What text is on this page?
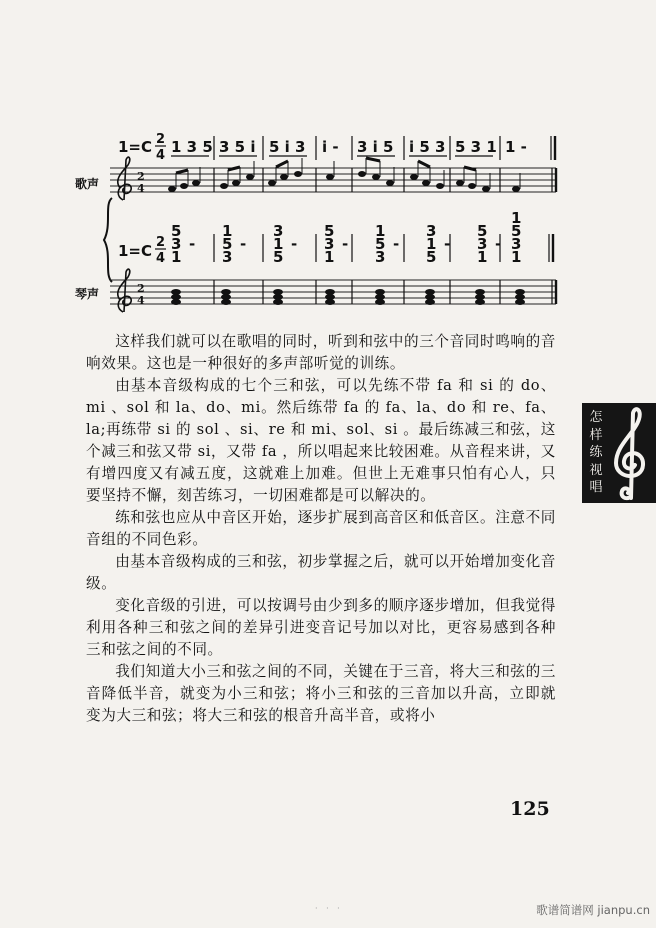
1=C 2
4 1 3 5 3 5 i 5 i 3 i - 3 i 5 i 5 3 5 3 1 1 -
歌声
2
4
1=C 2
4
5
3
1
-
1
5
3
-
3
1
5
-
5
3
1
-
1
5
3
-
3
1
5
-
5
3
1
-
1
5
3
1
琴声	2
4

这样我们就可以在歌唱的同时，听到和弦中的三个音同时鸣响的音响效果。这也是一种很好的多声部听觉的训练。

由基本音级构成的七个三和弦，可以先练不带 fa 和 si 的 do、mi 、sol 和 la、do、mi。然后练带 fa 的 fa、la、do 和 re、fa、la;再练带 si 的 sol 、si、re 和 mi、sol、si 。最后练减三和弦，这个减三和弦又带 si，又带 fa ，所以唱起来比较困难。从音程来讲，又有增四度又有减五度，这就难上加难。但世上无难事只怕有心人，只要坚持不懈，刻苦练习，一切困难都是可以解决的。

练和弦也应从中音区开始，逐步扩展到高音区和低音区。注意不同音组的不同色彩。

由基本音级构成的三和弦，初步掌握之后，就可以开始增加变化音级。

变化音级的引进，可以按调号由少到多的顺序逐步增加，但我觉得利用各种三和弦之间的差异引进变音记号加以对比，更容易感到各种三和弦之间的不同。

我们知道大小三和弦之间的不同，关键在于三音，将大三和弦的三音降低半音，就变为小三和弦；将小三和弦的三音加以升高，立即就变为大三和弦；将大三和弦的根音升高半音，或将小

怎样练视唱
125
· · ·	歌谱简谱网 jianpu.cn
